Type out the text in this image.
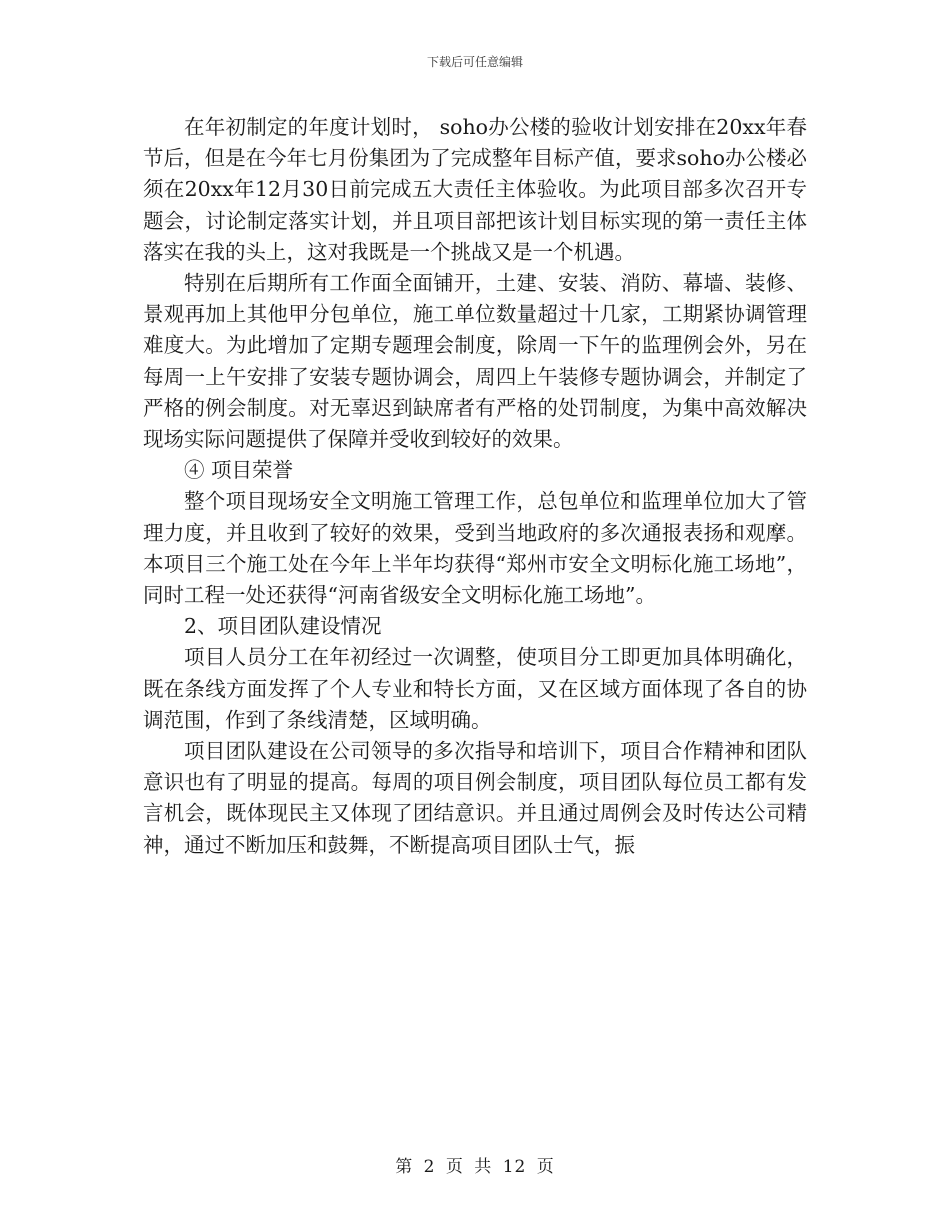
下载后可任意编辑

在年初制定的年度计划时， soho办公楼的验收计划安排在20xx年春节后，但是在今年七月份集团为了完成整年目标产值，要求soho办公楼必须在20xx年12月30日前完成五大责任主体验收。为此项目部多次召开专题会，讨论制定落实计划，并且项目部把该计划目标实现的第一责任主体落实在我的头上，这对我既是一个挑战又是一个机遇。

特别在后期所有工作面全面铺开，土建、安装、消防、幕墙、装修、景观再加上其他甲分包单位，施工单位数量超过十几家，工期紧协调管理难度大。为此增加了定期专题理会制度，除周一下午的监理例会外，另在每周一上午安排了安装专题协调会，周四上午装修专题协调会，并制定了严格的例会制度。对无辜迟到缺席者有严格的处罚制度，为集中高效解决现场实际问题提供了保障并受收到较好的效果。

④ 项目荣誉

整个项目现场安全文明施工管理工作，总包单位和监理单位加大了管理力度，并且收到了较好的效果，受到当地政府的多次通报表扬和观摩。本项目三个施工处在今年上半年均获得“郑州市安全文明标化施工场地”，同时工程一处还获得“河南省级安全文明标化施工场地”。

2、项目团队建设情况

项目人员分工在年初经过一次调整，使项目分工即更加具体明确化，既在条线方面发挥了个人专业和特长方面，又在区域方面体现了各自的协调范围，作到了条线清楚，区域明确。

项目团队建设在公司领导的多次指导和培训下，项目合作精神和团队意识也有了明显的提高。每周的项目例会制度，项目团队每位员工都有发言机会，既体现民主又体现了团结意识。并且通过周例会及时传达公司精神，通过不断加压和鼓舞，不断提高项目团队士气，振

第 2 页 共 12 页
